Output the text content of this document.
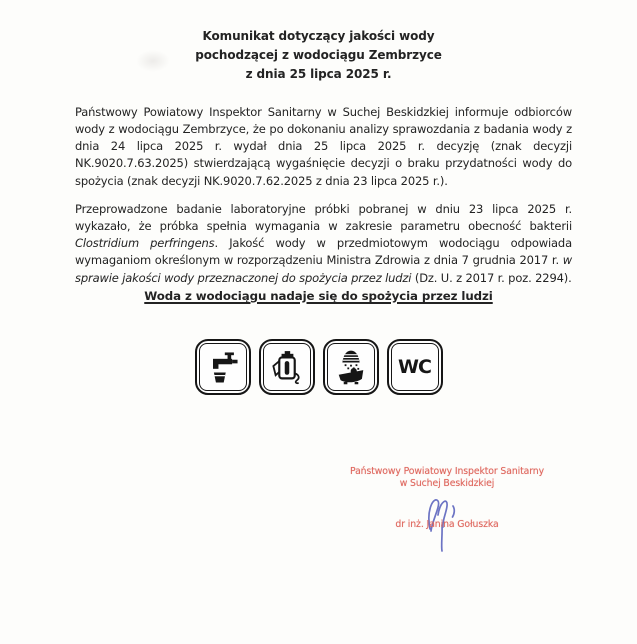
Komunikat dotyczący jakości wody
pochodzącej z wodociągu Zembrzyce
z dnia 25 lipca 2025 r.

Państwowy Powiatowy Inspektor Sanitarny w Suchej Beskidzkiej informuje odbiorców wody z wodociągu Zembrzyce, że po dokonaniu analizy sprawozdania z badania wody z dnia 24 lipca 2025 r. wydał dnia 25 lipca 2025 r. decyzję (znak decyzji NK.9020.7.63.2025) stwierdzającą wygaśnięcie decyzji o braku przydatności wody do spożycia (znak decyzji NK.9020.7.62.2025 z dnia 23 lipca 2025 r.).

Przeprowadzone badanie laboratoryjne próbki pobranej w dniu 23 lipca 2025 r. wykazało, że próbka spełnia wymagania w zakresie parametru obecność bakterii Clostridium perfringens. Jakość wody w przedmiotowym wodociągu odpowiada wymaganiom określonym w rozporządzeniu Ministra Zdrowia z dnia 7 grudnia 2017 r. w sprawie jakości wody przeznaczonej do spożycia przez ludzi (Dz. U. z 2017 r. poz. 2294).

Woda z wodociągu nadaje się do spożycia przez ludzi
WC
Państwowy Powiatowy Inspektor Sanitarny
w Suchej Beskidzkiej
dr inż. Janina Gołuszka
